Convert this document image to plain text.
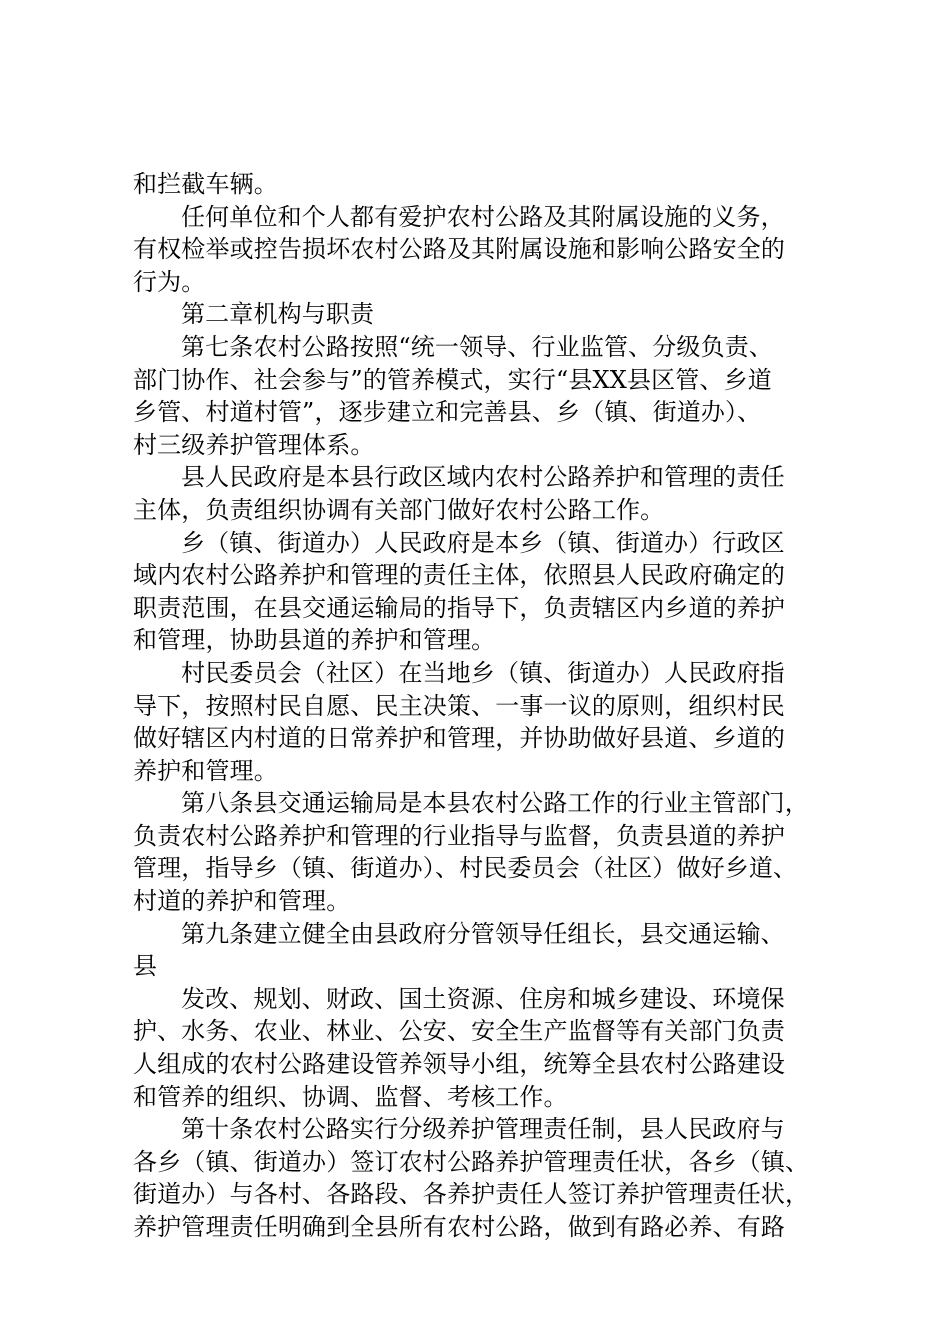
和拦截车辆。
任何单位和个人都有爱护农村公路及其附属设施的义务，
有权检举或控告损坏农村公路及其附属设施和影响公路安全的
行为。
第二章机构与职责
第七条农村公路按照“统一领导、行业监管、分级负责、
部门协作、社会参与”的管养模式，实行“县XX县区管、乡道
乡管、村道村管”，逐步建立和完善县、乡（镇、街道办）、
村三级养护管理体系。
县人民政府是本县行政区域内农村公路养护和管理的责任
主体，负责组织协调有关部门做好农村公路工作。
乡（镇、街道办）人民政府是本乡（镇、街道办）行政区
域内农村公路养护和管理的责任主体，依照县人民政府确定的
职责范围，在县交通运输局的指导下，负责辖区内乡道的养护
和管理，协助县道的养护和管理。
村民委员会（社区）在当地乡（镇、街道办）人民政府指
导下，按照村民自愿、民主决策、一事一议的原则，组织村民
做好辖区内村道的日常养护和管理，并协助做好县道、乡道的
养护和管理。
第八条县交通运输局是本县农村公路工作的行业主管部门，
负责农村公路养护和管理的行业指导与监督，负责县道的养护
管理，指导乡（镇、街道办）、村民委员会（社区）做好乡道、
村道的养护和管理。
第九条建立健全由县政府分管领导任组长，县交通运输、
县
发改、规划、财政、国土资源、住房和城乡建设、环境保
护、水务、农业、林业、公安、安全生产监督等有关部门负责
人组成的农村公路建设管养领导小组，统筹全县农村公路建设
和管养的组织、协调、监督、考核工作。
第十条农村公路实行分级养护管理责任制，县人民政府与
各乡（镇、街道办）签订农村公路养护管理责任状，各乡（镇、
街道办）与各村、各路段、各养护责任人签订养护管理责任状，
养护管理责任明确到全县所有农村公路，做到有路必养、有路
